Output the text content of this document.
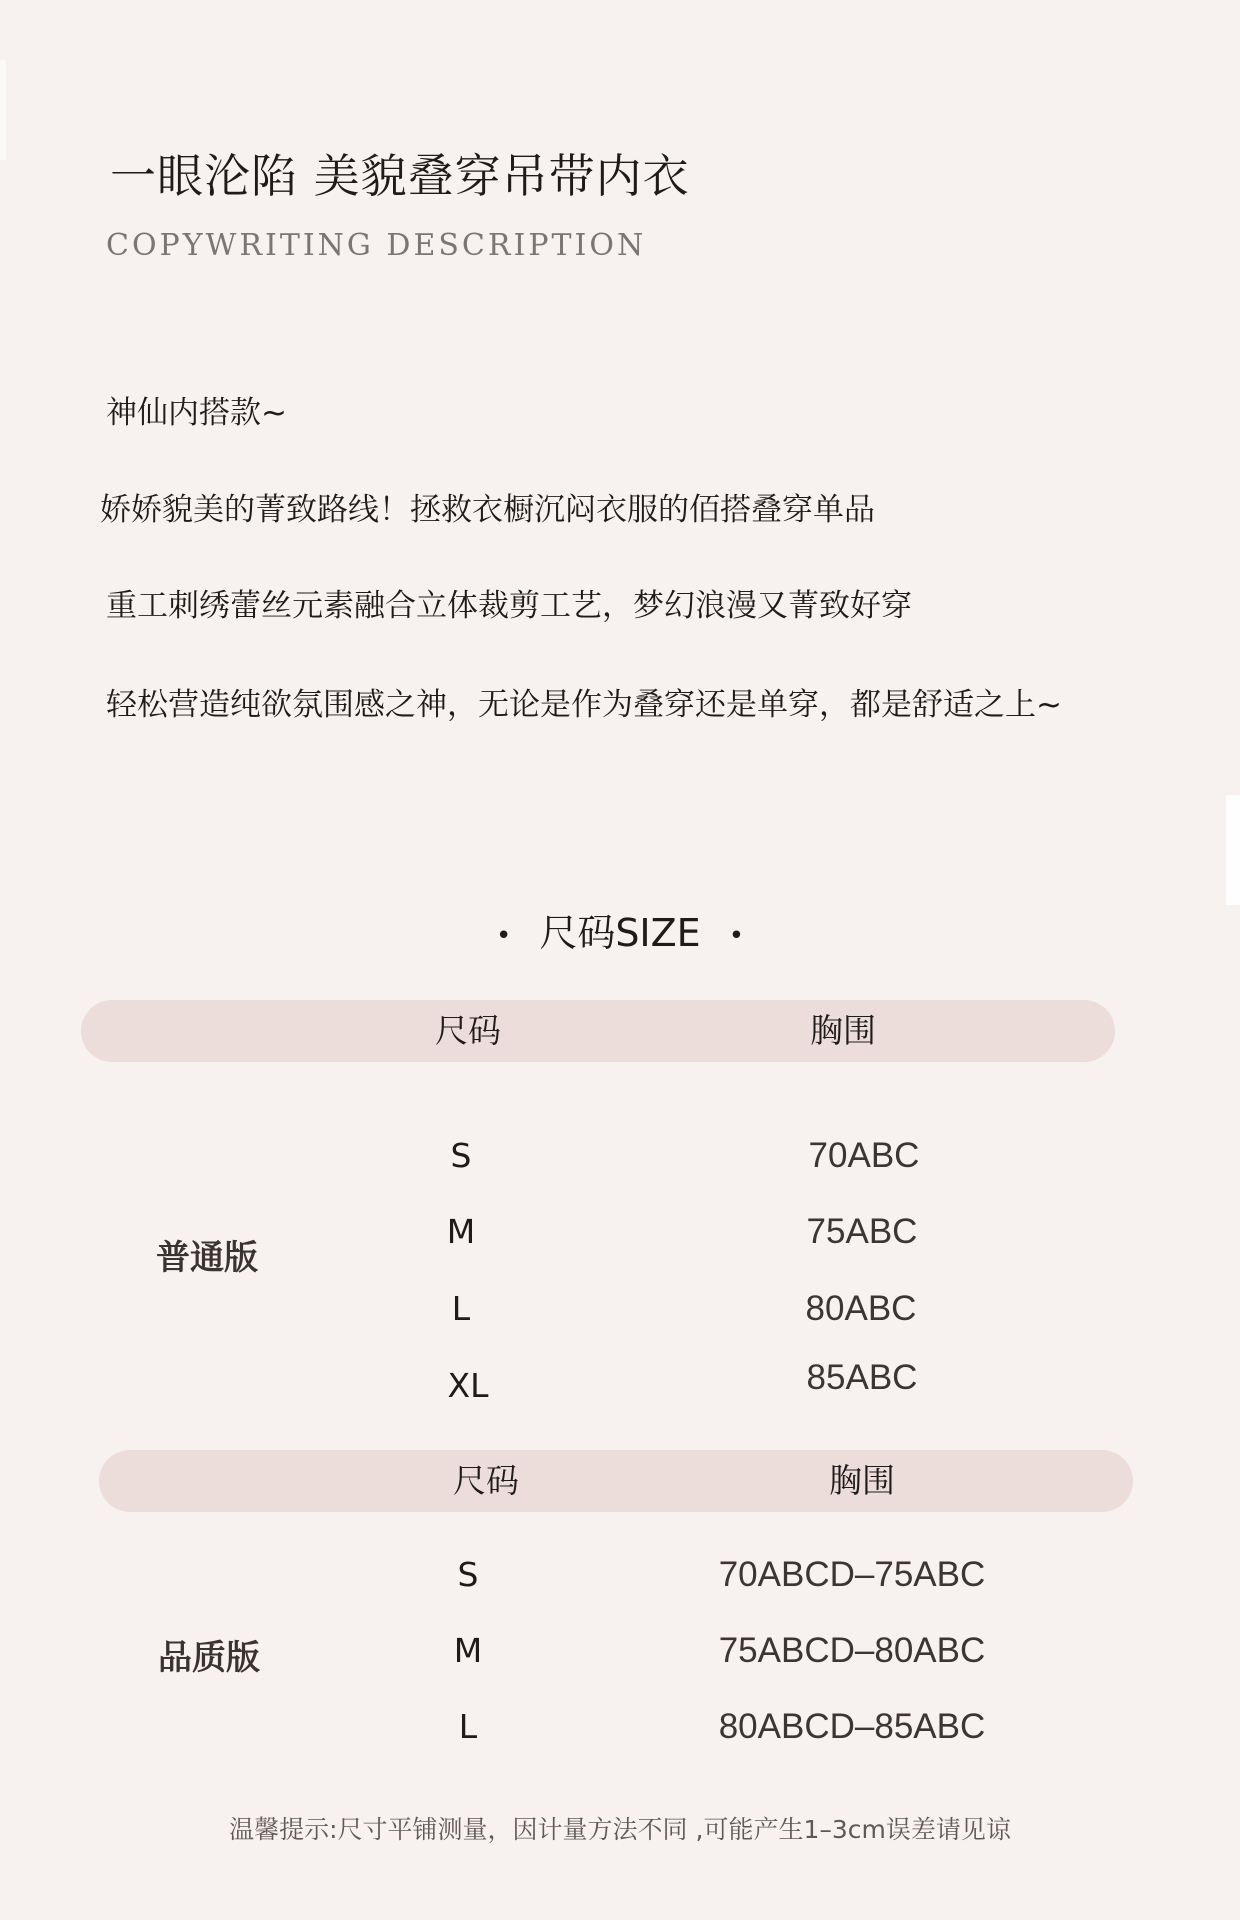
一眼沦陷 美貌叠穿吊带内衣
COPYWRITING DESCRIPTION
神仙内搭款~
娇娇貌美的菁致路线！拯救衣橱沉闷衣服的佰搭叠穿单品
重工刺绣蕾丝元素融合立体裁剪工艺，梦幻浪漫又菁致好穿
轻松营造纯欲氛围感之神，无论是作为叠穿还是单穿，都是舒适之上~
• 尺码SIZE •
尺码	胸围
普通版
S	70ABC
M	75ABC
L	80ABC
XL	85ABC
尺码	胸围
品质版
S	70ABCD–75ABC
M	75ABCD–80ABC
L	80ABCD–85ABC
温馨提示:尺寸平铺测量，因计量方法不同 ,可能产生1–3cm误差请见谅
